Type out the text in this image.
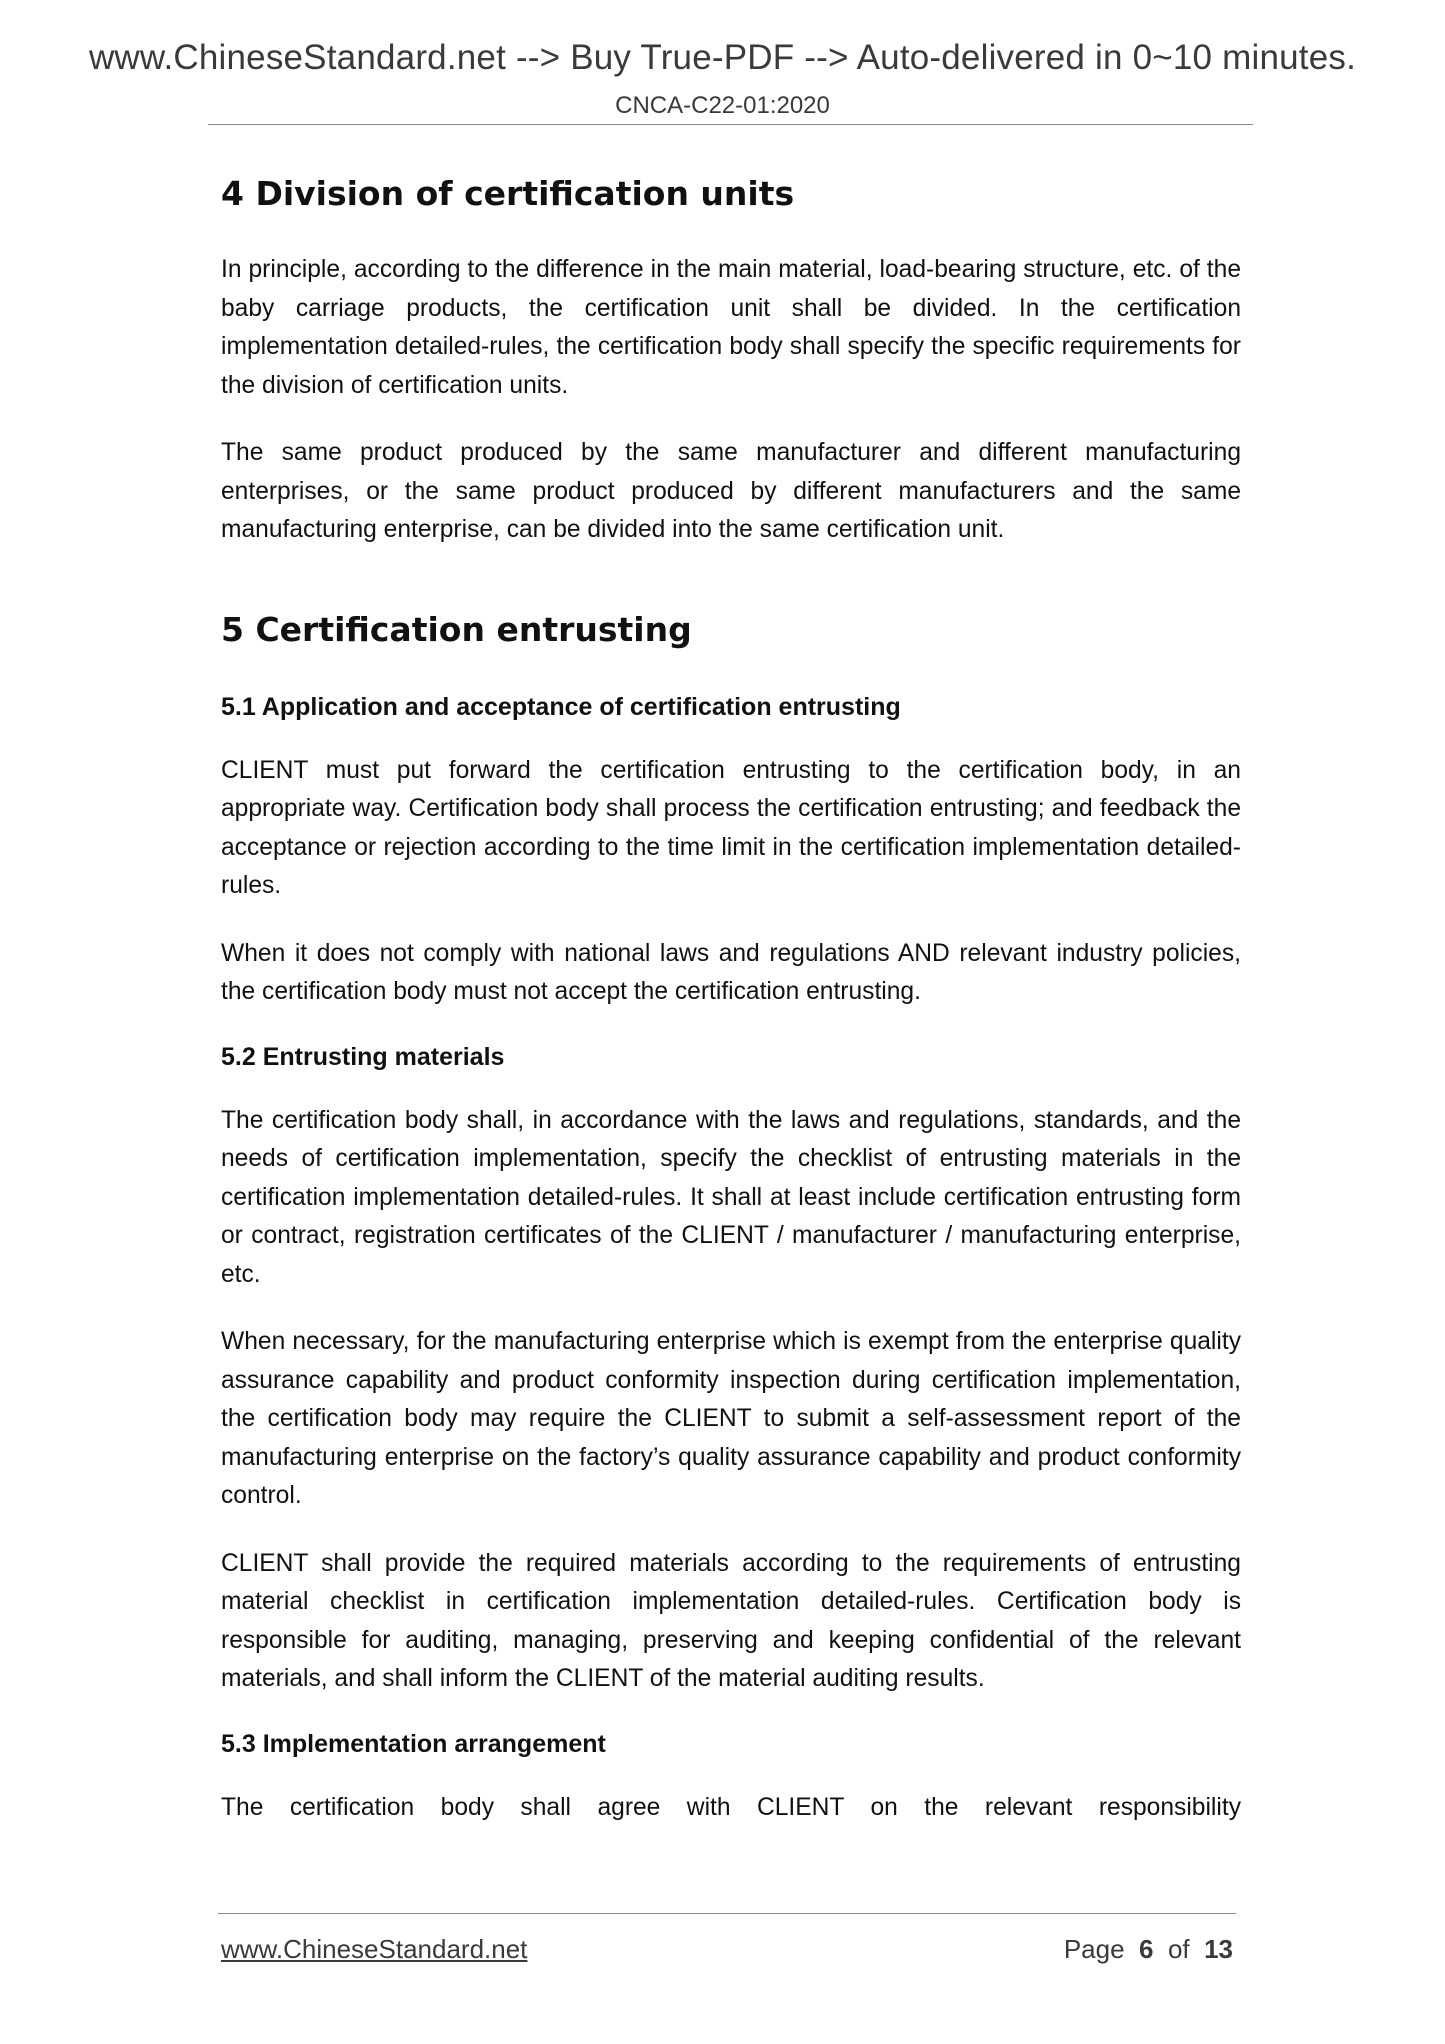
www.ChineseStandard.net --> Buy True-PDF --> Auto-delivered in 0~10 minutes.
CNCA-C22-01:2020
4 Division of certification units

In principle, according to the difference in the main material, load-bearing structure, etc. of the baby carriage products, the certification unit shall be divided. In the certification implementation detailed-rules, the certification body shall specify the specific requirements for the division of certification units.

The same product produced by the same manufacturer and different manufacturing enterprises, or the same product produced by different manufacturers and the same manufacturing enterprise, can be divided into the same certification unit.

5 Certification entrusting
5.1 Application and acceptance of certification entrusting

CLIENT must put forward the certification entrusting to the certification body, in an appropriate way. Certification body shall process the certification entrusting; and feedback the acceptance or rejection according to the time limit in the certification implementation detailed-rules.

When it does not comply with national laws and regulations AND relevant industry policies, the certification body must not accept the certification entrusting.

5.2 Entrusting materials

The certification body shall, in accordance with the laws and regulations, standards, and the needs of certification implementation, specify the checklist of entrusting materials in the certification implementation detailed-rules. It shall at least include certification entrusting form or contract, registration certificates of the CLIENT / manufacturer / manufacturing enterprise, etc.

When necessary, for the manufacturing enterprise which is exempt from the enterprise quality assurance capability and product conformity inspection during certification implementation, the certification body may require the CLIENT to submit a self-assessment report of the manufacturing enterprise on the factory’s quality assurance capability and product conformity control.

CLIENT shall provide the required materials according to the requirements of entrusting material checklist in certification implementation detailed-rules. Certification body is responsible for auditing, managing, preserving and keeping confidential of the relevant materials, and shall inform the CLIENT of the material auditing results.

5.3 Implementation arrangement

The certification body shall agree with CLIENT on the relevant responsibility

www.ChineseStandard.net	Page 6 of 13
